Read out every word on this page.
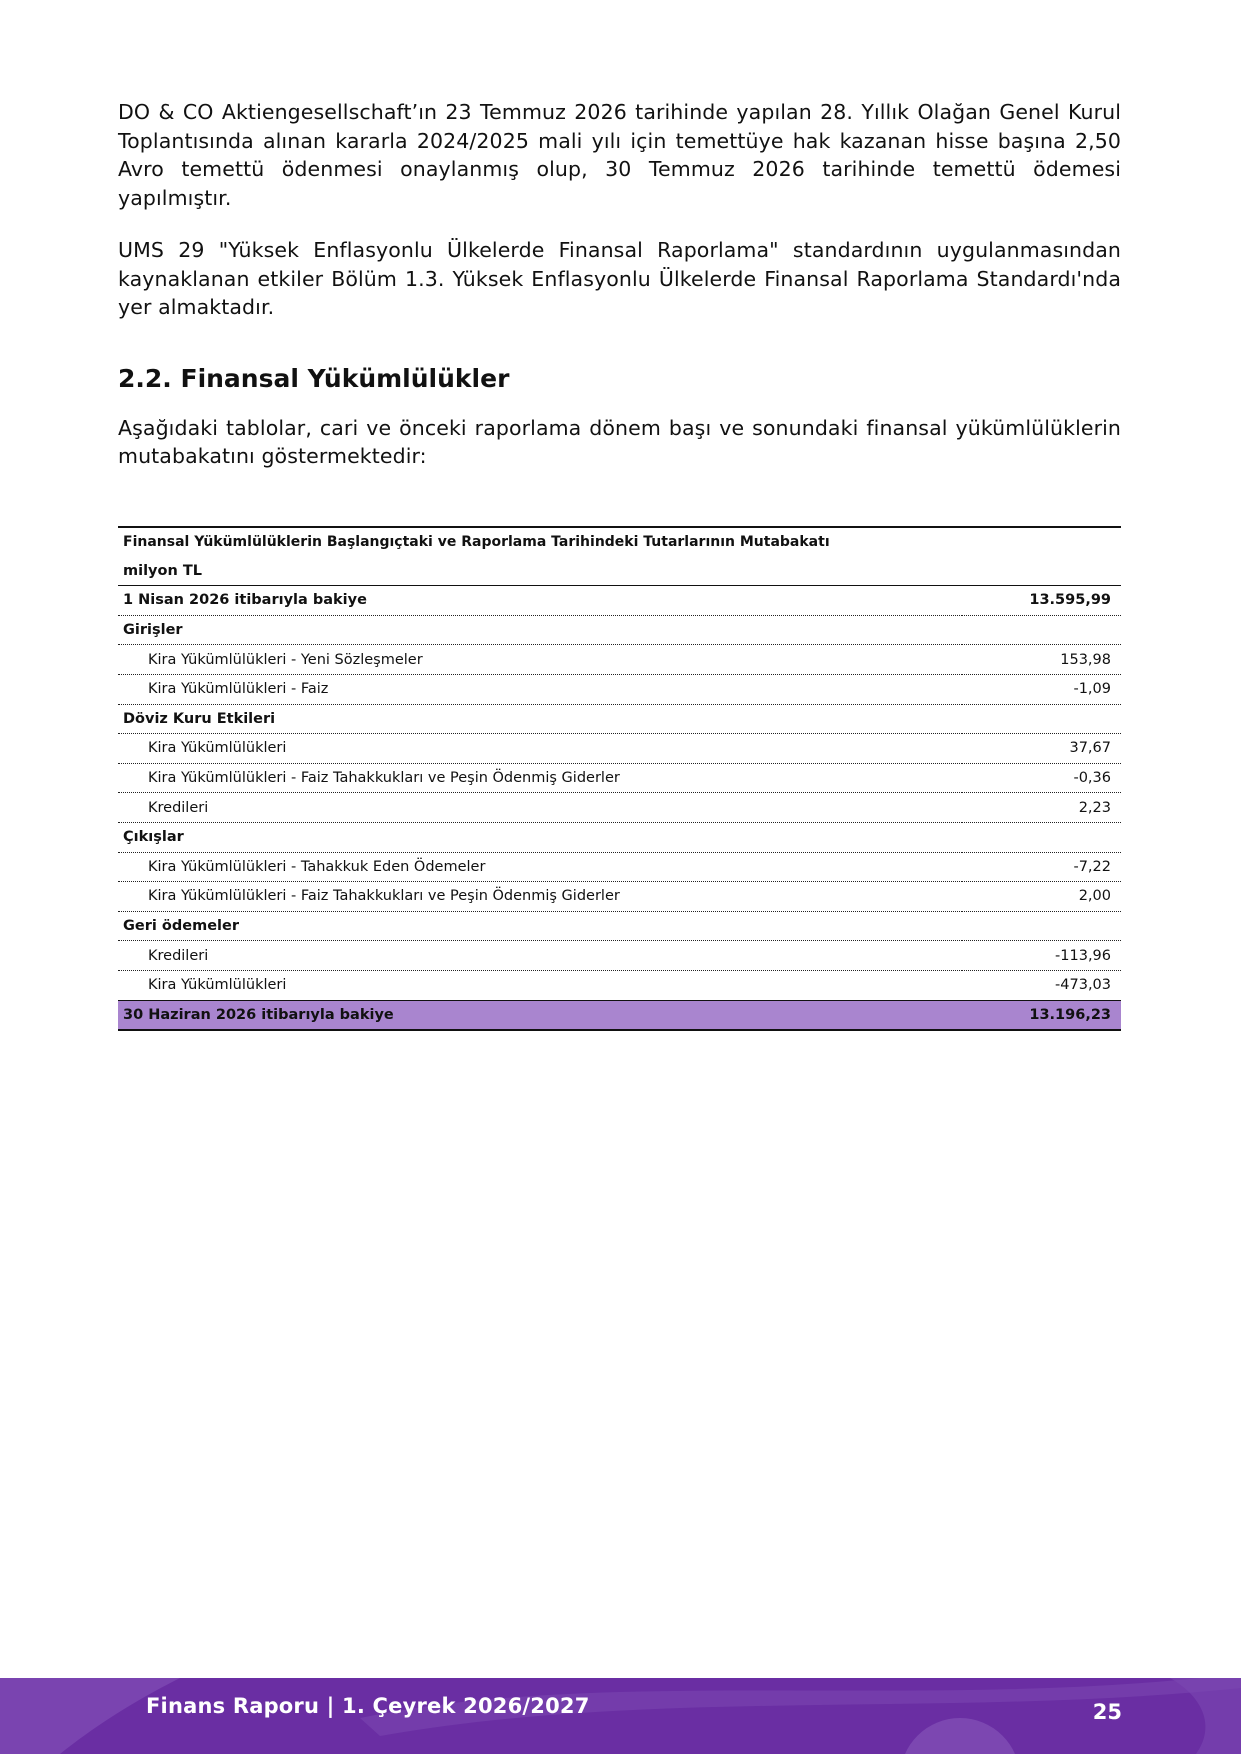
DO & CO Aktiengesellschaft’ın 23 Temmuz 2026 tarihinde yapılan 28. Yıllık Olağan Genel Kurul Toplantısında alınan kararla 2024/2025 mali yılı için temettüye hak kazanan hisse başına 2,50 Avro temettü ödenmesi onaylanmış olup, 30 Temmuz 2026 tarihinde temettü ödemesi yapılmıştır.

UMS 29 "Yüksek Enflasyonlu Ülkelerde Finansal Raporlama" standardının uygulanmasından kaynaklanan etkiler Bölüm 1.3. Yüksek Enflasyonlu Ülkelerde Finansal Raporlama Standardı'nda yer almaktadır.

2.2. Finansal Yükümlülükler

Aşağıdaki tablolar, cari ve önceki raporlama dönem başı ve sonundaki finansal yükümlülüklerin mutabakatını göstermektedir:

Finansal Yükümlülüklerin Başlangıçtaki ve Raporlama Tarihindeki Tutarlarının Mutabakatı	
milyon TL	
1 Nisan 2026 itibarıyla bakiye	13.595,99
Girişler	
Kira Yükümlülükleri - Yeni Sözleşmeler	153,98
Kira Yükümlülükleri - Faiz	-1,09
Döviz Kuru Etkileri	
Kira Yükümlülükleri	37,67
Kira Yükümlülükleri - Faiz Tahakkukları ve Peşin Ödenmiş Giderler	-0,36
Kredileri	2,23
Çıkışlar	
Kira Yükümlülükleri - Tahakkuk Eden Ödemeler	-7,22
Kira Yükümlülükleri - Faiz Tahakkukları ve Peşin Ödenmiş Giderler	2,00
Geri ödemeler	
Kredileri	-113,96
Kira Yükümlülükleri	-473,03
30 Haziran 2026 itibarıyla bakiye	13.196,23
Finans Raporu | 1. Çeyrek 2026/2027	25
